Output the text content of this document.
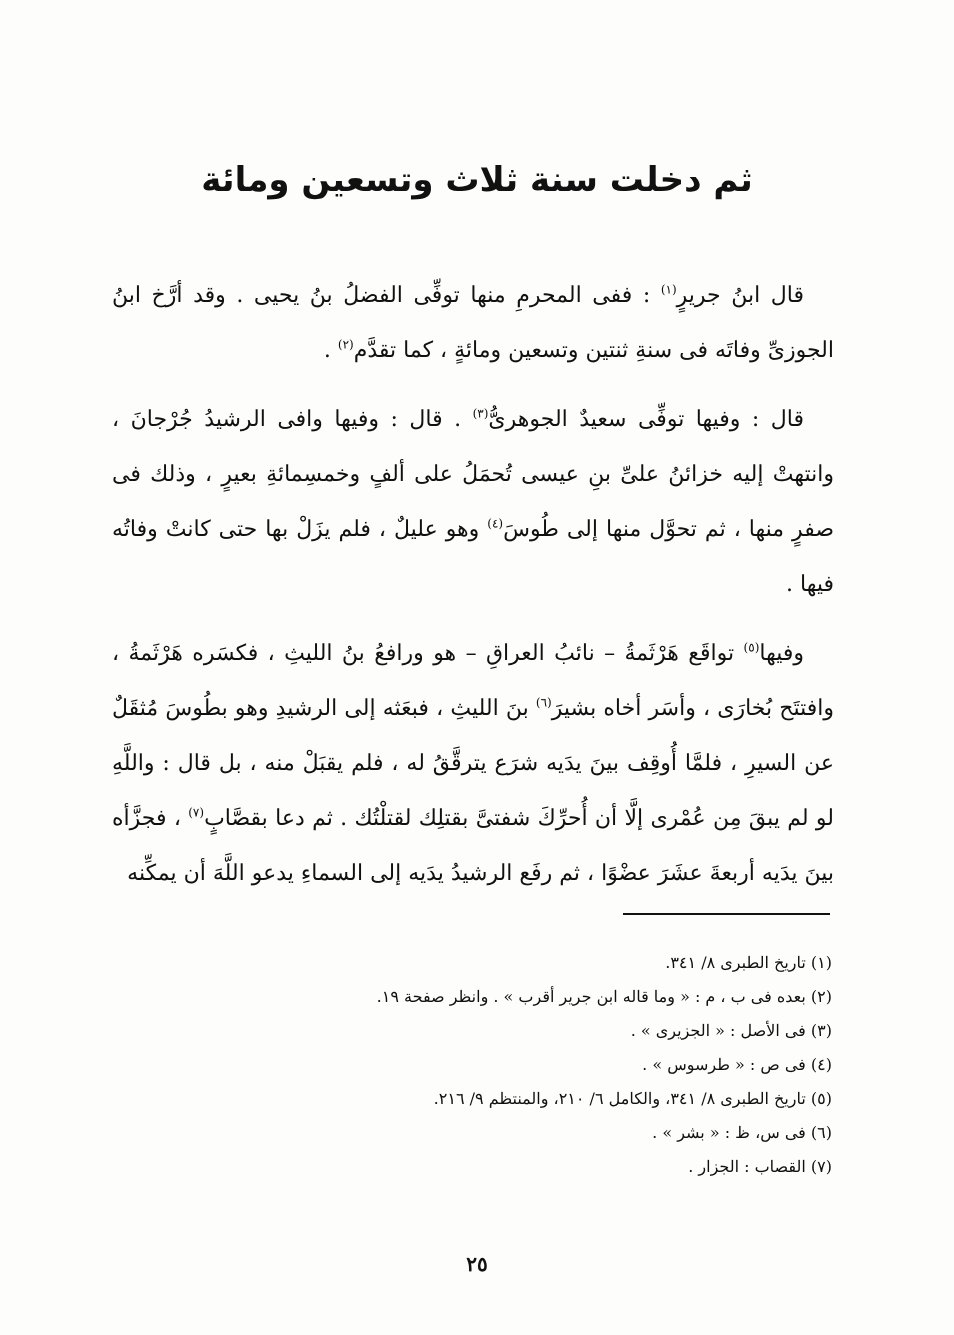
ثم دخلت سنة ثلاث وتسعين ومائة

قال ابنُ جريرٍ$^{(١)}$ : ففى المحرمِ منها توفِّى الفضلُ بنُ يحيى . وقد أرَّخ ابنُ الجوزىِّ وفاتَه فى سنةِ ثنتين وتسعين ومائةٍ ، كما تقدَّم$^{(٢)}$ .

قال : وفيها توفِّى سعيدٌ الجوهرىُّ$^{(٣)}$ . قال : وفيها وافى الرشيدُ جُرْجانَ ، وانتهتْ إليه خزائنُ علىِّ بنِ عيسى تُحمَلُ على ألفٍ وخمسِمائةِ بعيرٍ ، وذلك فى صفرٍ منها ، ثم تحوَّل منها إلى طُوسَ$^{(٤)}$ وهو عليلٌ ، فلم يزَلْ بها حتى كانتْ وفاتُه فيها .

وفيها$^{(٥)}$ تواقَع هَرْثَمةُ – نائبُ العراقِ – هو ورافعُ بنُ الليثِ ، فكسَره هَرْثَمةُ ، وافتتَح بُخارَى ، وأسَر أخاه بشيرَ$^{(٦)}$ بنَ الليثِ ، فبعَثه إلى الرشيدِ وهو بطُوسَ مُثقَلٌ عن السيرِ ، فلمَّا أُوقِف بينَ يدَيه شرَع يترقَّقُ له ، فلم يقبَلْ منه ، بل قال : واللَّهِ لو لم يبقَ مِن عُمْرى إلَّا أن أُحرِّكَ شفتىَّ بقتلِك لقتلْتُك . ثم دعا بقصَّابٍ$^{(٧)}$ ، فجزَّأه بينَ يدَيه أربعةَ عشَرَ عضْوًا ، ثم رفَع الرشيدُ يدَيه إلى السماءِ يدعو اللَّهَ أن يمكِّنه

(١) تاريخ الطبرى ٨/ ٣٤١.
(٢) بعده فى ب ، م : « وما قاله ابن جرير أقرب » . وانظر صفحة ١٩.
(٣) فى الأصل : « الجزيرى » .
(٤) فى ص : « طرسوس » .
(٥) تاريخ الطبرى ٨/ ٣٤١، والكامل ٦/ ٢١٠، والمنتظم ٩/ ٢١٦.
(٦) فى س، ظ : « بشر » .
(٧) القصاب : الجزار .
٢٥
